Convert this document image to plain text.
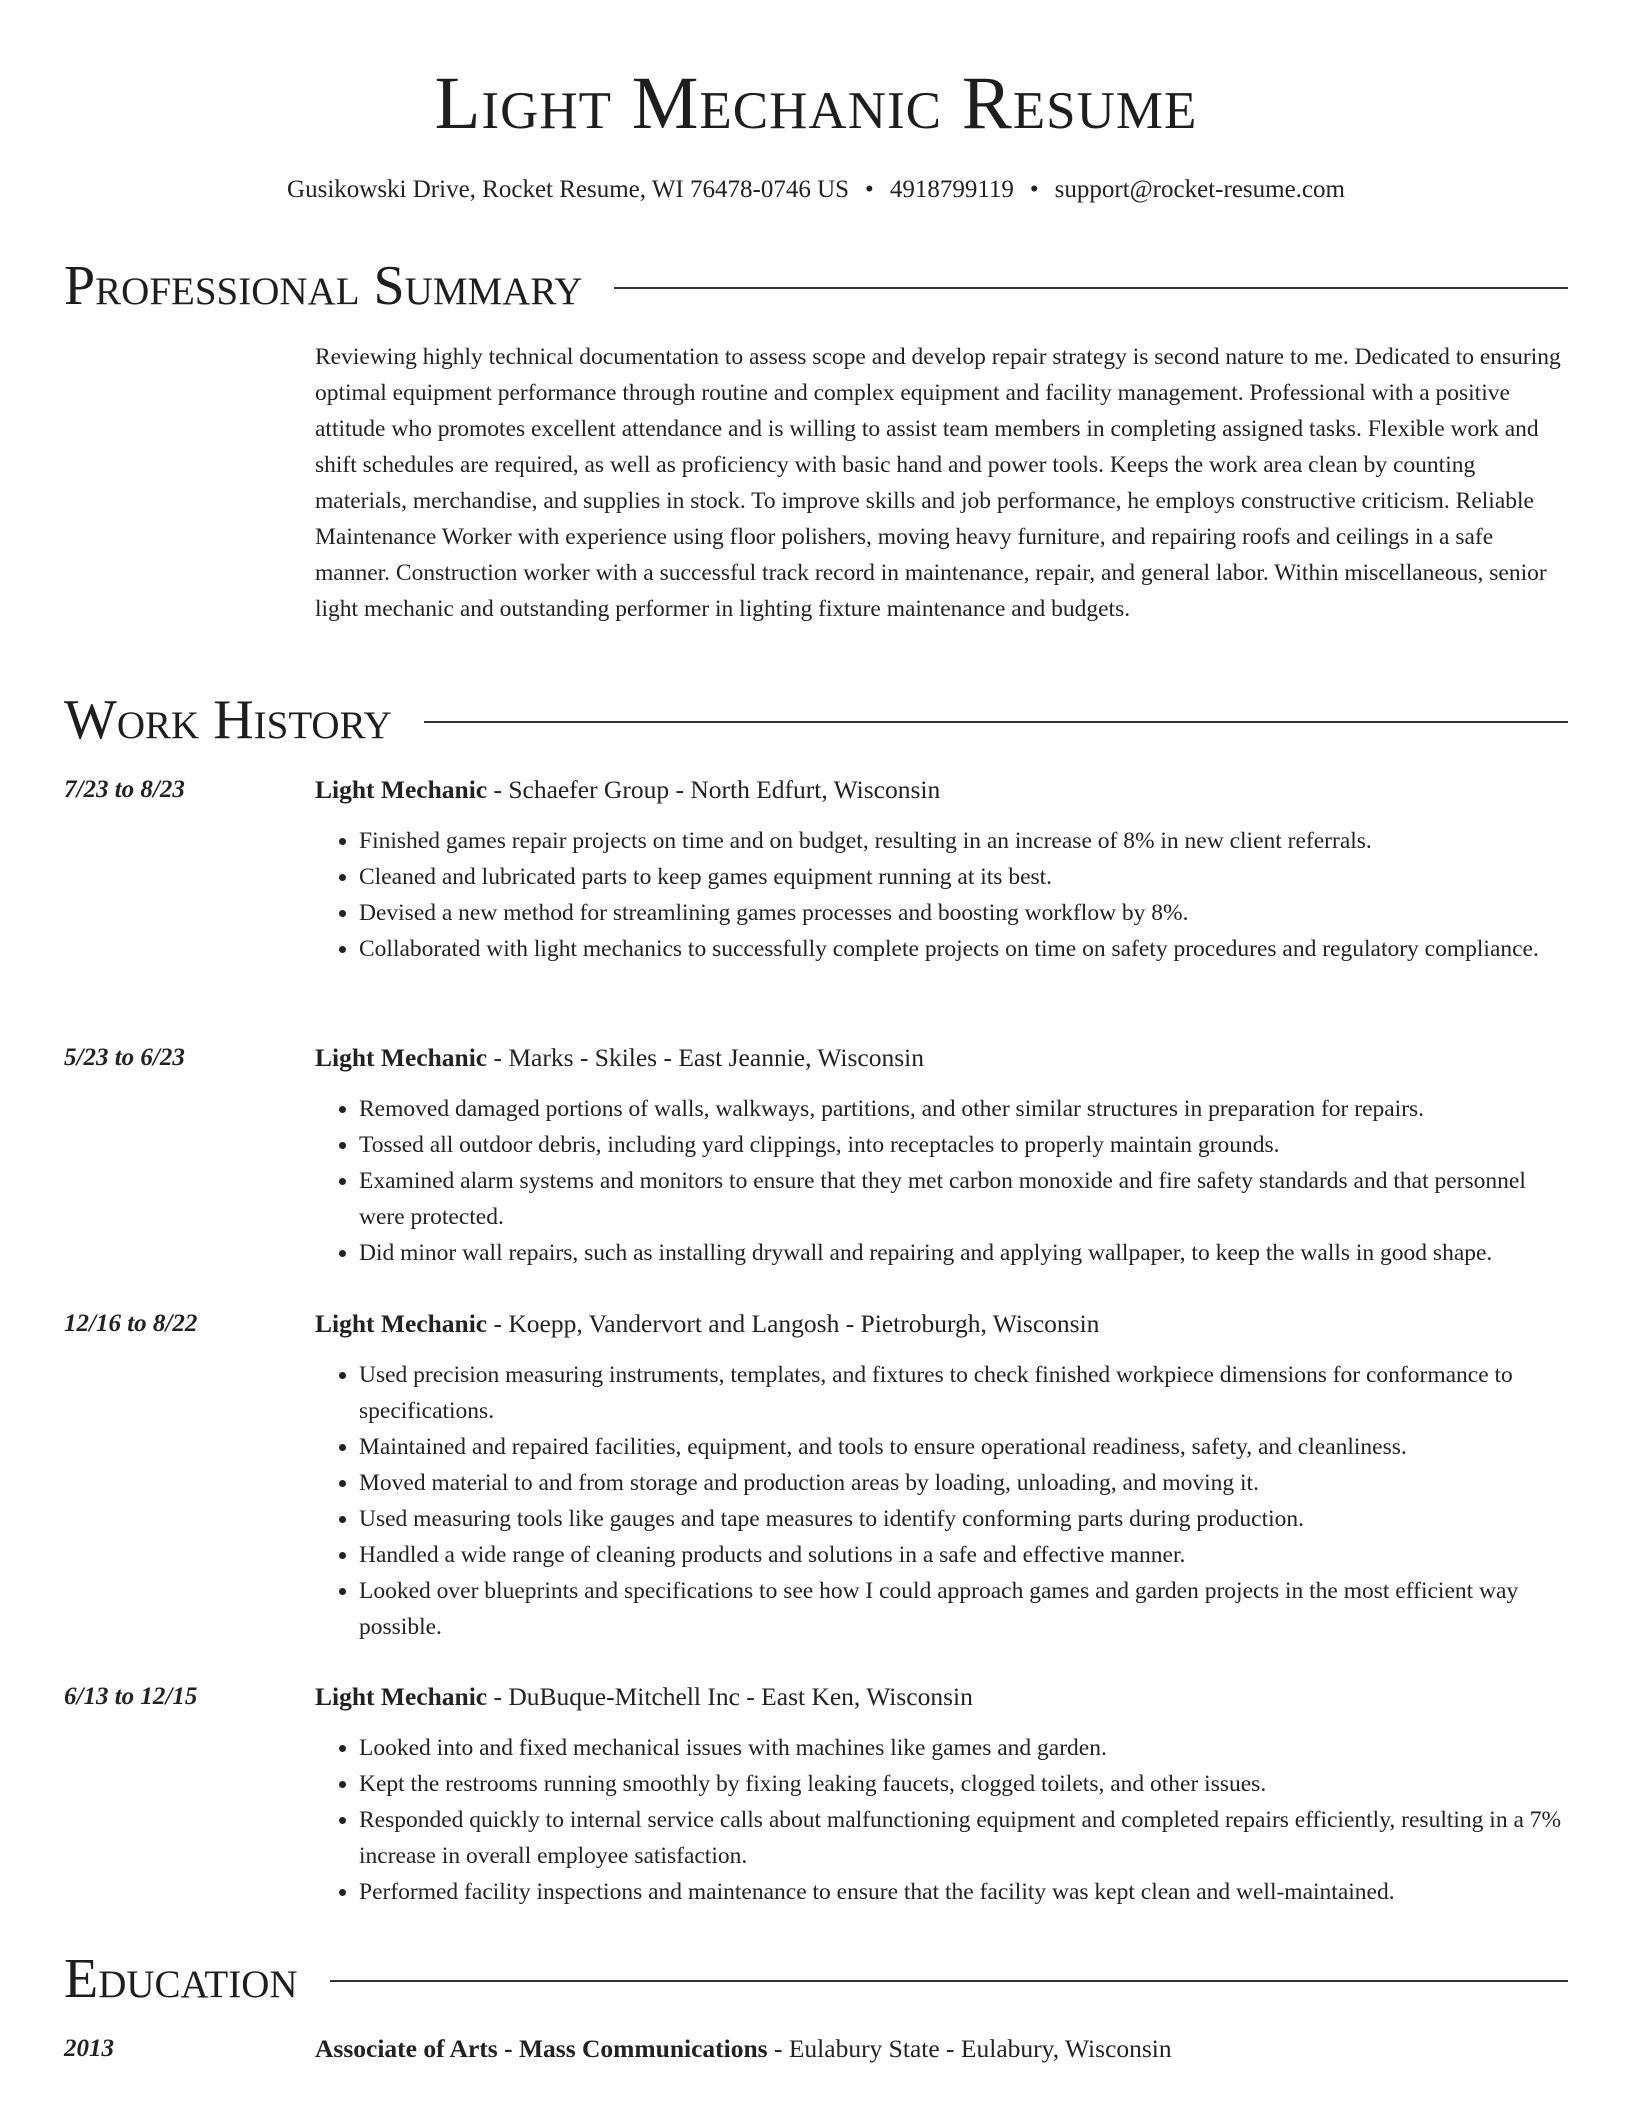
Light Mechanic Resume

Gusikowski Drive, Rocket Resume, WI 76478-0746 US • 4918799119 • support@rocket-resume.com

Professional Summary

Reviewing highly technical documentation to assess scope and develop repair strategy is second nature to me. Dedicated to ensuring optimal equipment performance through routine and complex equipment and facility management. Professional with a positive attitude who promotes excellent attendance and is willing to assist team members in completing assigned tasks. Flexible work and shift schedules are required, as well as proficiency with basic hand and power tools. Keeps the work area clean by counting materials, merchandise, and supplies in stock. To improve skills and job performance, he employs constructive criticism. Reliable Maintenance Worker with experience using floor polishers, moving heavy furniture, and repairing roofs and ceilings in a safe manner. Construction worker with a successful track record in maintenance, repair, and general labor. Within miscellaneous, senior light mechanic and outstanding performer in lighting fixture maintenance and budgets.

Work History
7/23 to 8/23	Light Mechanic - Schaefer Group - North Edfurt, Wisconsin
• Finished games repair projects on time and on budget, resulting in an increase of 8% in new client referrals.
• Cleaned and lubricated parts to keep games equipment running at its best.
• Devised a new method for streamlining games processes and boosting workflow by 8%.
• Collaborated with light mechanics to successfully complete projects on time on safety procedures and regulatory compliance.
5/23 to 6/23	Light Mechanic - Marks - Skiles - East Jeannie, Wisconsin
• Removed damaged portions of walls, walkways, partitions, and other similar structures in preparation for repairs.
• Tossed all outdoor debris, including yard clippings, into receptacles to properly maintain grounds.
• Examined alarm systems and monitors to ensure that they met carbon monoxide and fire safety standards and that personnel were protected.
• Did minor wall repairs, such as installing drywall and repairing and applying wallpaper, to keep the walls in good shape.
12/16 to 8/22	Light Mechanic - Koepp, Vandervort and Langosh - Pietroburgh, Wisconsin
• Used precision measuring instruments, templates, and fixtures to check finished workpiece dimensions for conformance to specifications.
• Maintained and repaired facilities, equipment, and tools to ensure operational readiness, safety, and cleanliness.
• Moved material to and from storage and production areas by loading, unloading, and moving it.
• Used measuring tools like gauges and tape measures to identify conforming parts during production.
• Handled a wide range of cleaning products and solutions in a safe and effective manner.
• Looked over blueprints and specifications to see how I could approach games and garden projects in the most efficient way possible.
6/13 to 12/15	Light Mechanic - DuBuque-Mitchell Inc - East Ken, Wisconsin
• Looked into and fixed mechanical issues with machines like games and garden.
• Kept the restrooms running smoothly by fixing leaking faucets, clogged toilets, and other issues.
• Responded quickly to internal service calls about malfunctioning equipment and completed repairs efficiently, resulting in a 7% increase in overall employee satisfaction.
• Performed facility inspections and maintenance to ensure that the facility was kept clean and well-maintained.
Education
2013	Associate of Arts - Mass Communications - Eulabury State - Eulabury, Wisconsin
